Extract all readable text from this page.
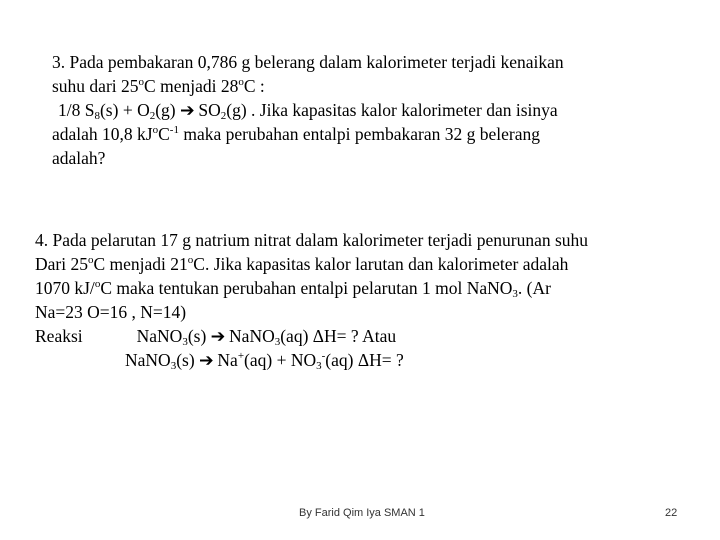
3. Pada pembakaran 0,786 g belerang dalam kalorimeter terjadi kenaikan
suhu dari 25$^o$C menjadi 28$^o$C :
1/8 $S_8(s) + O_2(g)$ ➔ $SO_2(g)$ . Jika kapasitas kalor kalorimeter dan isinya
adalah 10,8 $kJ^oC^{-1}$ maka perubahan entalpi pembakaran 32 g belerang
adalah?
4. Pada pelarutan 17 g natrium nitrat dalam kalorimeter terjadi penurunan suhu
Dari 25$^o$C menjadi 21$^o$C. Jika kapasitas kalor larutan dan kalorimeter adalah
1070 kJ/$^o$C maka tentukan perubahan entalpi pelarutan 1 mol NaNO$_3$. (Ar
Na=23 O=16 , N=14)
Reaksi	NaNO$_3$(s) ➔ NaNO$_3$(aq) ΔH= ? Atau
NaNO$_3$(s) ➔ $Na^+(aq) + NO_3^-(aq)$ ΔH= ?
By Farid Qim Iya SMAN 1	22
